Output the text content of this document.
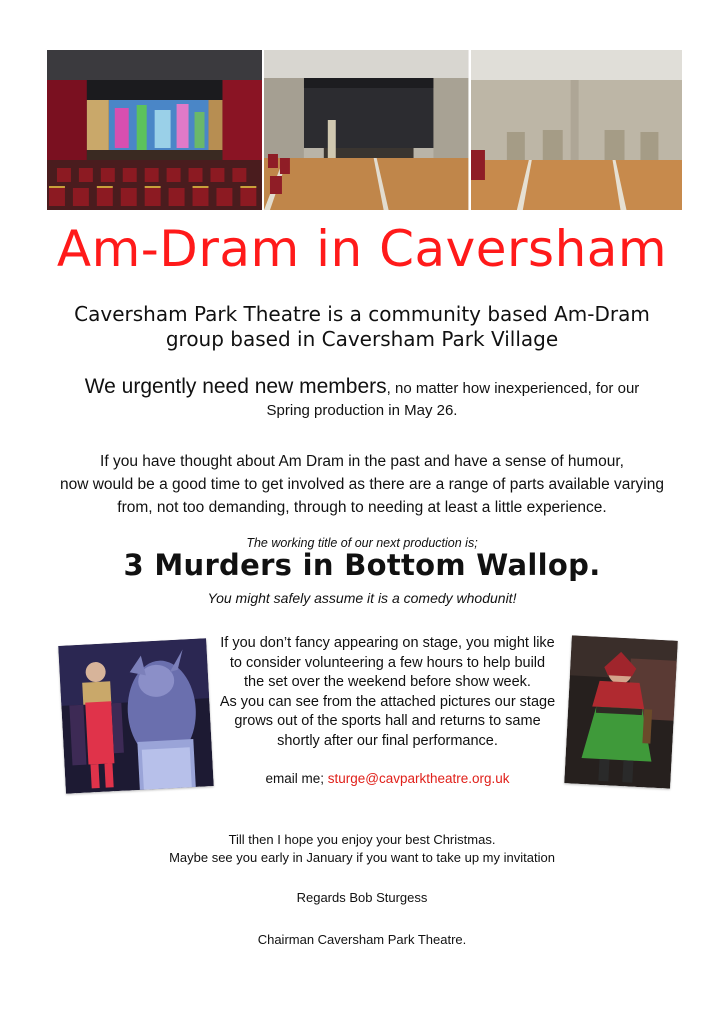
Am-Dram in Caversham
Caversham Park Theatre is a community based Am-Dram
group based in Caversham Park Village
We urgently need new members, no matter how inexperienced, for our
Spring production in May 26.
If you have thought about Am Dram in the past and have a sense of humour,
now would be a good time to get involved as there are a range of parts available varying
from, not too demanding, through to needing at least a little experience.
The working title of our next production is;
3 Murders in Bottom Wallop.
You might safely assume it is a comedy whodunit!
If you don’t fancy appearing on stage, you might like
to consider volunteering a few hours to help build
the set over the weekend before show week.
As you can see from the attached pictures our stage
grows out of the sports hall and returns to same
shortly after our final performance.
email me; sturge@cavparktheatre.org.uk
Till then I hope you enjoy your best Christmas.
Maybe see you early in January if you want to take up my invitation
Regards Bob Sturgess
Chairman Caversham Park Theatre.
